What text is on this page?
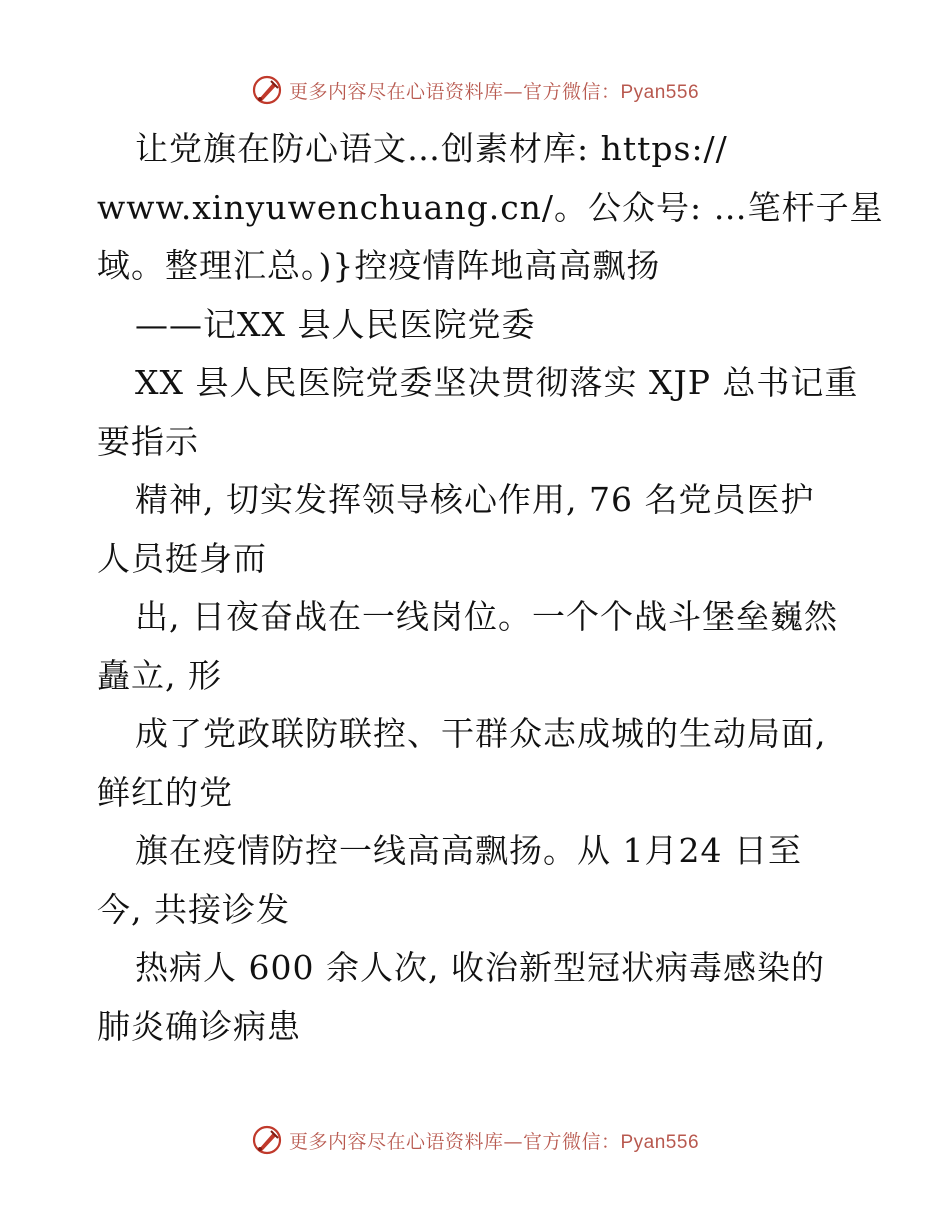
更多内容尽在心语资料库—官方微信：Pyan556
让党旗在防心语文…创素材库: https://
www.xinyuwenchuang.cn/。公众号: …笔杆子星
域。整理汇总。)}控疫情阵地高高飘扬
——记XX 县人民医院党委
XX 县人民医院党委坚决贯彻落实 XJP 总书记重
要指示
精神, 切实发挥领导核心作用, 76 名党员医护
人员挺身而
出, 日夜奋战在一线岗位。一个个战斗堡垒巍然
矗立, 形
成了党政联防联控、干群众志成城的生动局面,
鲜红的党
旗在疫情防控一线高高飘扬。从 1月24 日至
今, 共接诊发
热病人 600 余人次, 收治新型冠状病毒感染的
肺炎确诊病患
更多内容尽在心语资料库—官方微信：Pyan556
